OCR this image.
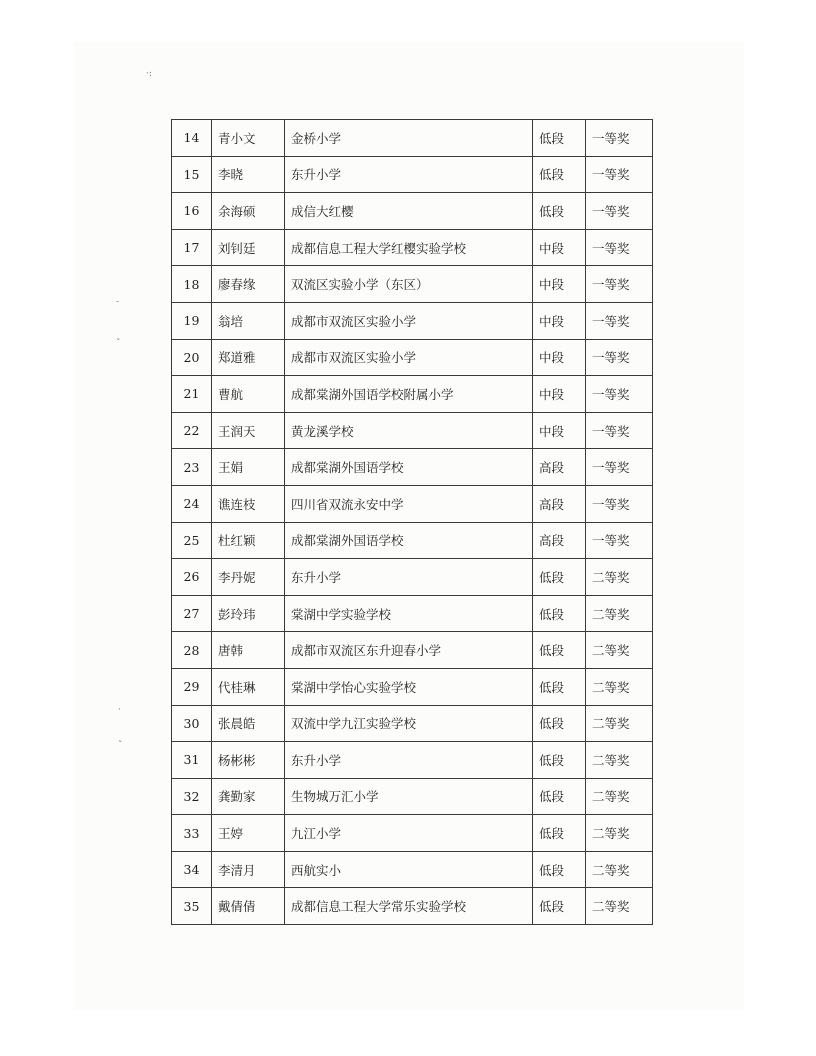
·:
-
ˇ
·
ˇ
14	青小文	金桥小学	低段	一等奖
15	李晓	东升小学	低段	一等奖
16	余海硕	成信大红樱	低段	一等奖
17	刘钊廷	成都信息工程大学红樱实验学校	中段	一等奖
18	廖春缘	双流区实验小学（东区）	中段	一等奖
19	翁培	成都市双流区实验小学	中段	一等奖
20	郑道雅	成都市双流区实验小学	中段	一等奖
21	曹航	成都棠湖外国语学校附属小学	中段	一等奖
22	王润天	黄龙溪学校	中段	一等奖
23	王娟	成都棠湖外国语学校	高段	一等奖
24	谯连枝	四川省双流永安中学	高段	一等奖
25	杜红颖	成都棠湖外国语学校	高段	一等奖
26	李丹妮	东升小学	低段	二等奖
27	彭玲玮	棠湖中学实验学校	低段	二等奖
28	唐韩	成都市双流区东升迎春小学	低段	二等奖
29	代桂琳	棠湖中学怡心实验学校	低段	二等奖
30	张晨皓	双流中学九江实验学校	低段	二等奖
31	杨彬彬	东升小学	低段	二等奖
32	龚勤家	生物城万汇小学	低段	二等奖
33	王婷	九江小学	低段	二等奖
34	李清月	西航实小	低段	二等奖
35	戴倩倩	成都信息工程大学常乐实验学校	低段	二等奖
